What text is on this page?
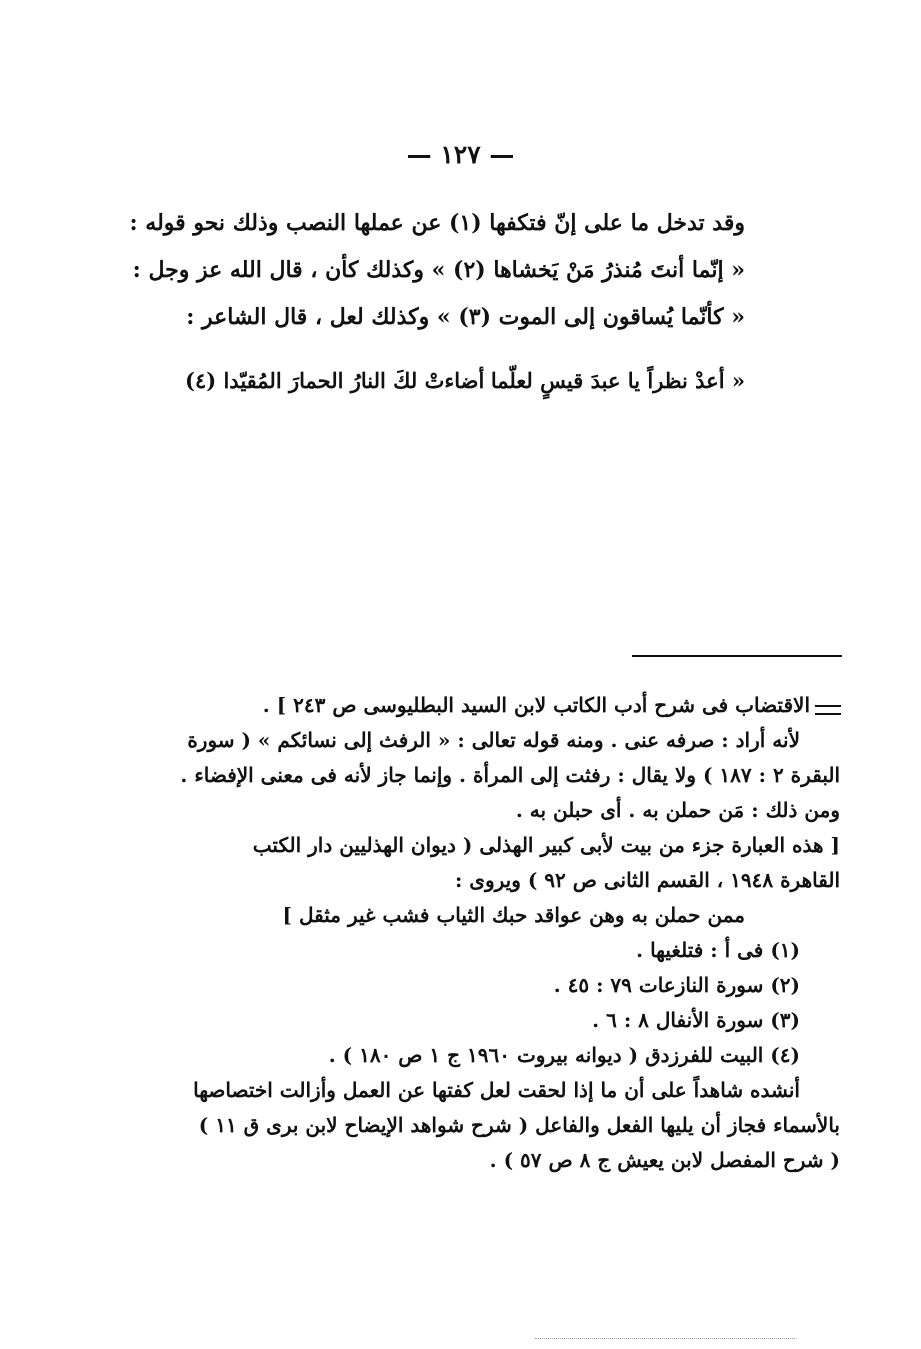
— ١٢٧ —
وقد تدخل ما على إنّ فتكفها (١) عن عملها النصب وذلك نحو قوله :
« إنّما أنتَ مُنذرُ مَنْ يَخشاها (٢) » وكذلك كأن ، قال الله عز وجل :
« كأنّما يُساقون إلى الموت (٣) » وكذلك لعل ، قال الشاعر :
« أعدْ نظراً يا عبدَ قيسٍ لعلّما
أضاءتْ لكَ النارُ الحمارَ المُقيّدا (٤)
الاقتضاب فى شرح أدب الكاتب لابن السيد البطليوسى ص ٢٤٣ ] .
لأنه أراد : صرفه عنى . ومنه قوله تعالى : « الرفث إلى نسائكم » ( سورة
البقرة ٢ : ١٨٧ ) ولا يقال : رفثت إلى المرأة . وإنما جاز لأنه فى معنى الإفضاء .
ومن ذلك : مَن حملن به . أى حبلن به .
[ هذه العبارة جزء من بيت لأبى كبير الهذلى ( ديوان الهذليين دار الكتب
القاهرة ١٩٤٨ ، القسم الثانى ص ٩٢ ) ويروى :
ممن حملن به وهن عواقد حبك الثياب فشب غير مثقل ]
(١) فى أ : فتلغيها .
(٢) سورة النازعات ٧٩ : ٤٥ .
(٣) سورة الأنفال ٨ : ٦ .
(٤) البيت للفرزدق ( ديوانه بيروت ١٩٦٠ ج ١ ص ١٨٠ ) .
أنشده شاهداً على أن ما إذا لحقت لعل كفتها عن العمل وأزالت اختصاصها
بالأسماء فجاز أن يليها الفعل والفاعل ( شرح شواهد الإيضاح لابن برى ق ١١ )
( شرح المفصل لابن يعيش ج ٨ ص ٥٧ ) .
